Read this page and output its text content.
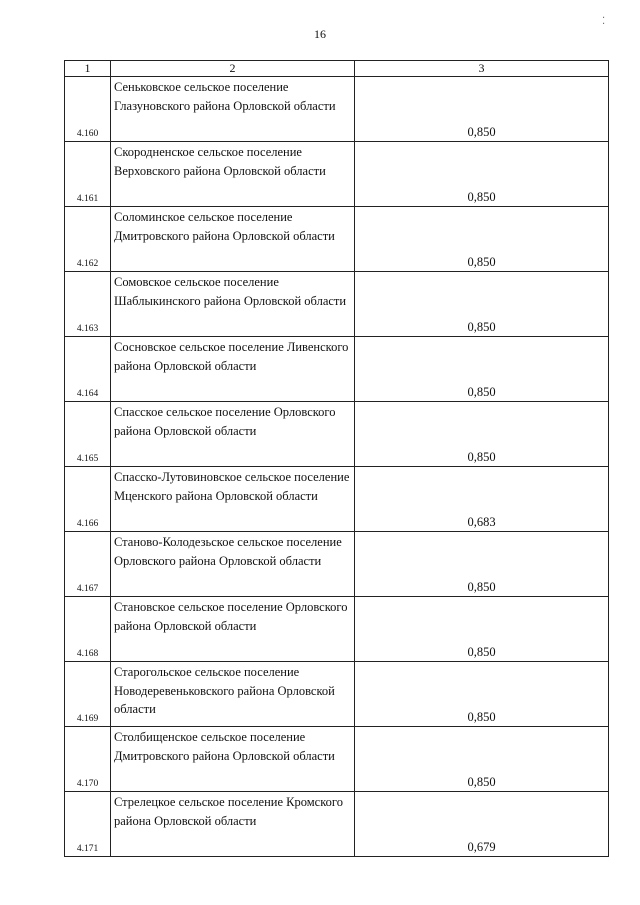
16
⁚
1	2	3
4.160	Сеньковское сельское поселение Глазуновского района Орловской области	0,850
4.161	Скородненское сельское поселение Верховского района Орловской области	0,850
4.162	Соломинское сельское поселение Дмитровского района Орловской области	0,850
4.163	Сомовское сельское поселение Шаблыкинского района Орловской области	0,850
4.164	Сосновское сельское поселение Ливенского района Орловской области	0,850
4.165	Спасское сельское поселение Орловского района Орловской области	0,850
4.166	Спасско-Лутовиновское сельское поселение Мценского района Орловской области	0,683
4.167	Становo-Колодезьское сельское поселение Орловского района Орловской области	0,850
4.168	Становское сельское поселение Орловского района Орловской области	0,850
4.169	Старогольское сельское поселение Новодеревеньковского района Орловской области	0,850
4.170	Столбищенское сельское поселение Дмитровского района Орловской области	0,850
4.171	Стрелецкое сельское поселение Кромского района Орловской области	0,679
